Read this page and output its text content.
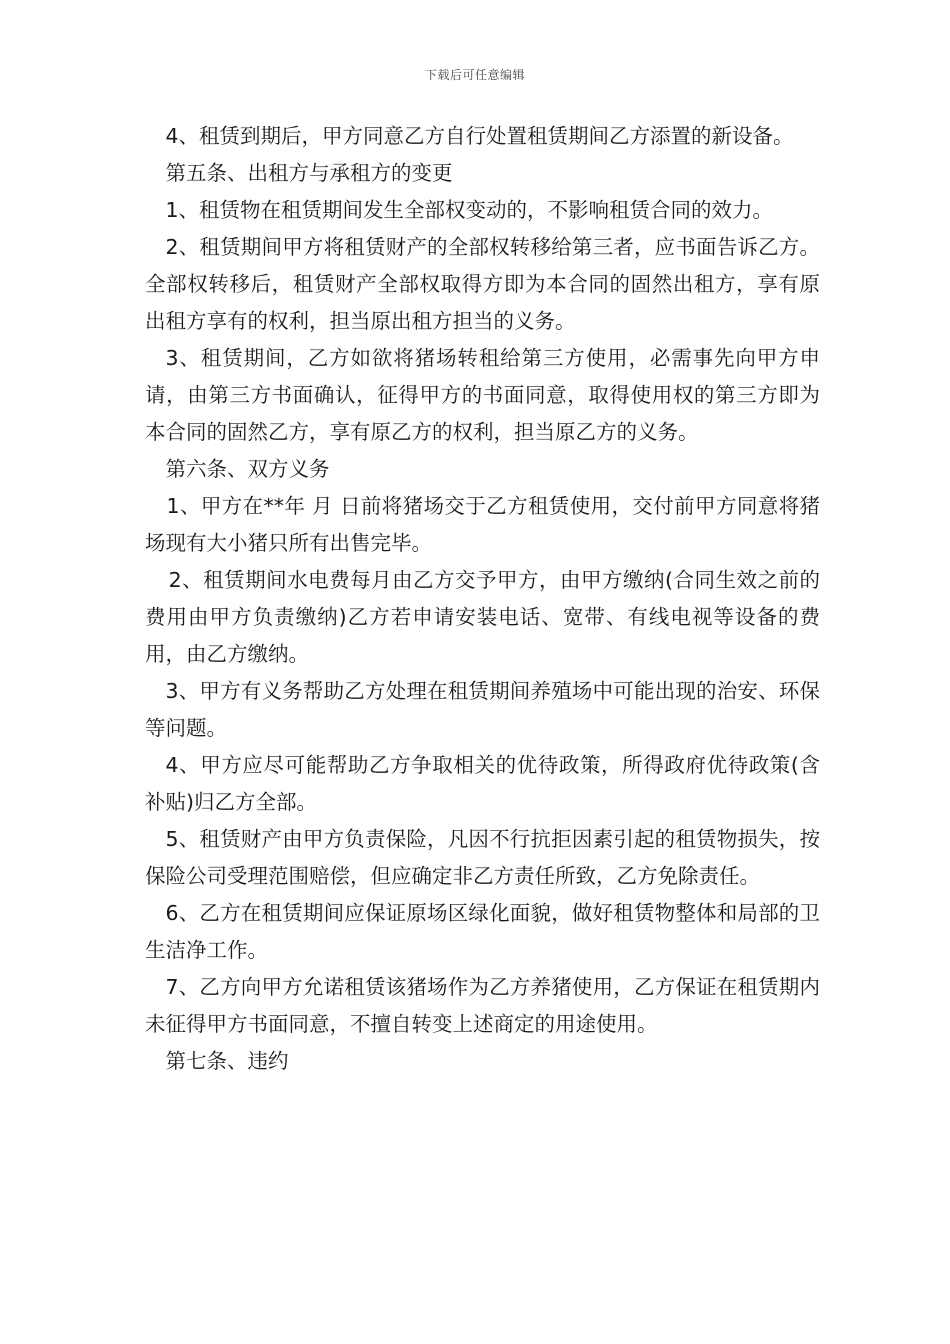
下载后可任意编辑

4、租赁到期后，甲方同意乙方自行处置租赁期间乙方添置的新设备。

第五条、出租方与承租方的变更

1、租赁物在租赁期间发生全部权变动的，不影响租赁合同的效力。

2、租赁期间甲方将租赁财产的全部权转移给第三者，应书面告诉乙方。全部权转移后，租赁财产全部权取得方即为本合同的固然出租方，享有原出租方享有的权利，担当原出租方担当的义务。

3、租赁期间，乙方如欲将猪场转租给第三方使用，必需事先向甲方申请，由第三方书面确认，征得甲方的书面同意，取得使用权的第三方即为本合同的固然乙方，享有原乙方的权利，担当原乙方的义务。

第六条、双方义务

1、甲方在**年 月 日前将猪场交于乙方租赁使用，交付前甲方同意将猪场现有大小猪只所有出售完毕。

2、租赁期间水电费每月由乙方交予甲方，由甲方缴纳(合同生效之前的费用由甲方负责缴纳)乙方若申请安装电话、宽带、有线电视等设备的费用，由乙方缴纳。

3、甲方有义务帮助乙方处理在租赁期间养殖场中可能出现的治安、环保等问题。

4、甲方应尽可能帮助乙方争取相关的优待政策，所得政府优待政策(含补贴)归乙方全部。

5、租赁财产由甲方负责保险，凡因不行抗拒因素引起的租赁物损失，按保险公司受理范围赔偿，但应确定非乙方责任所致，乙方免除责任。

6、乙方在租赁期间应保证原场区绿化面貌，做好租赁物整体和局部的卫生洁净工作。

7、乙方向甲方允诺租赁该猪场作为乙方养猪使用，乙方保证在租赁期内未征得甲方书面同意，不擅自转变上述商定的用途使用。

第七条、违约
